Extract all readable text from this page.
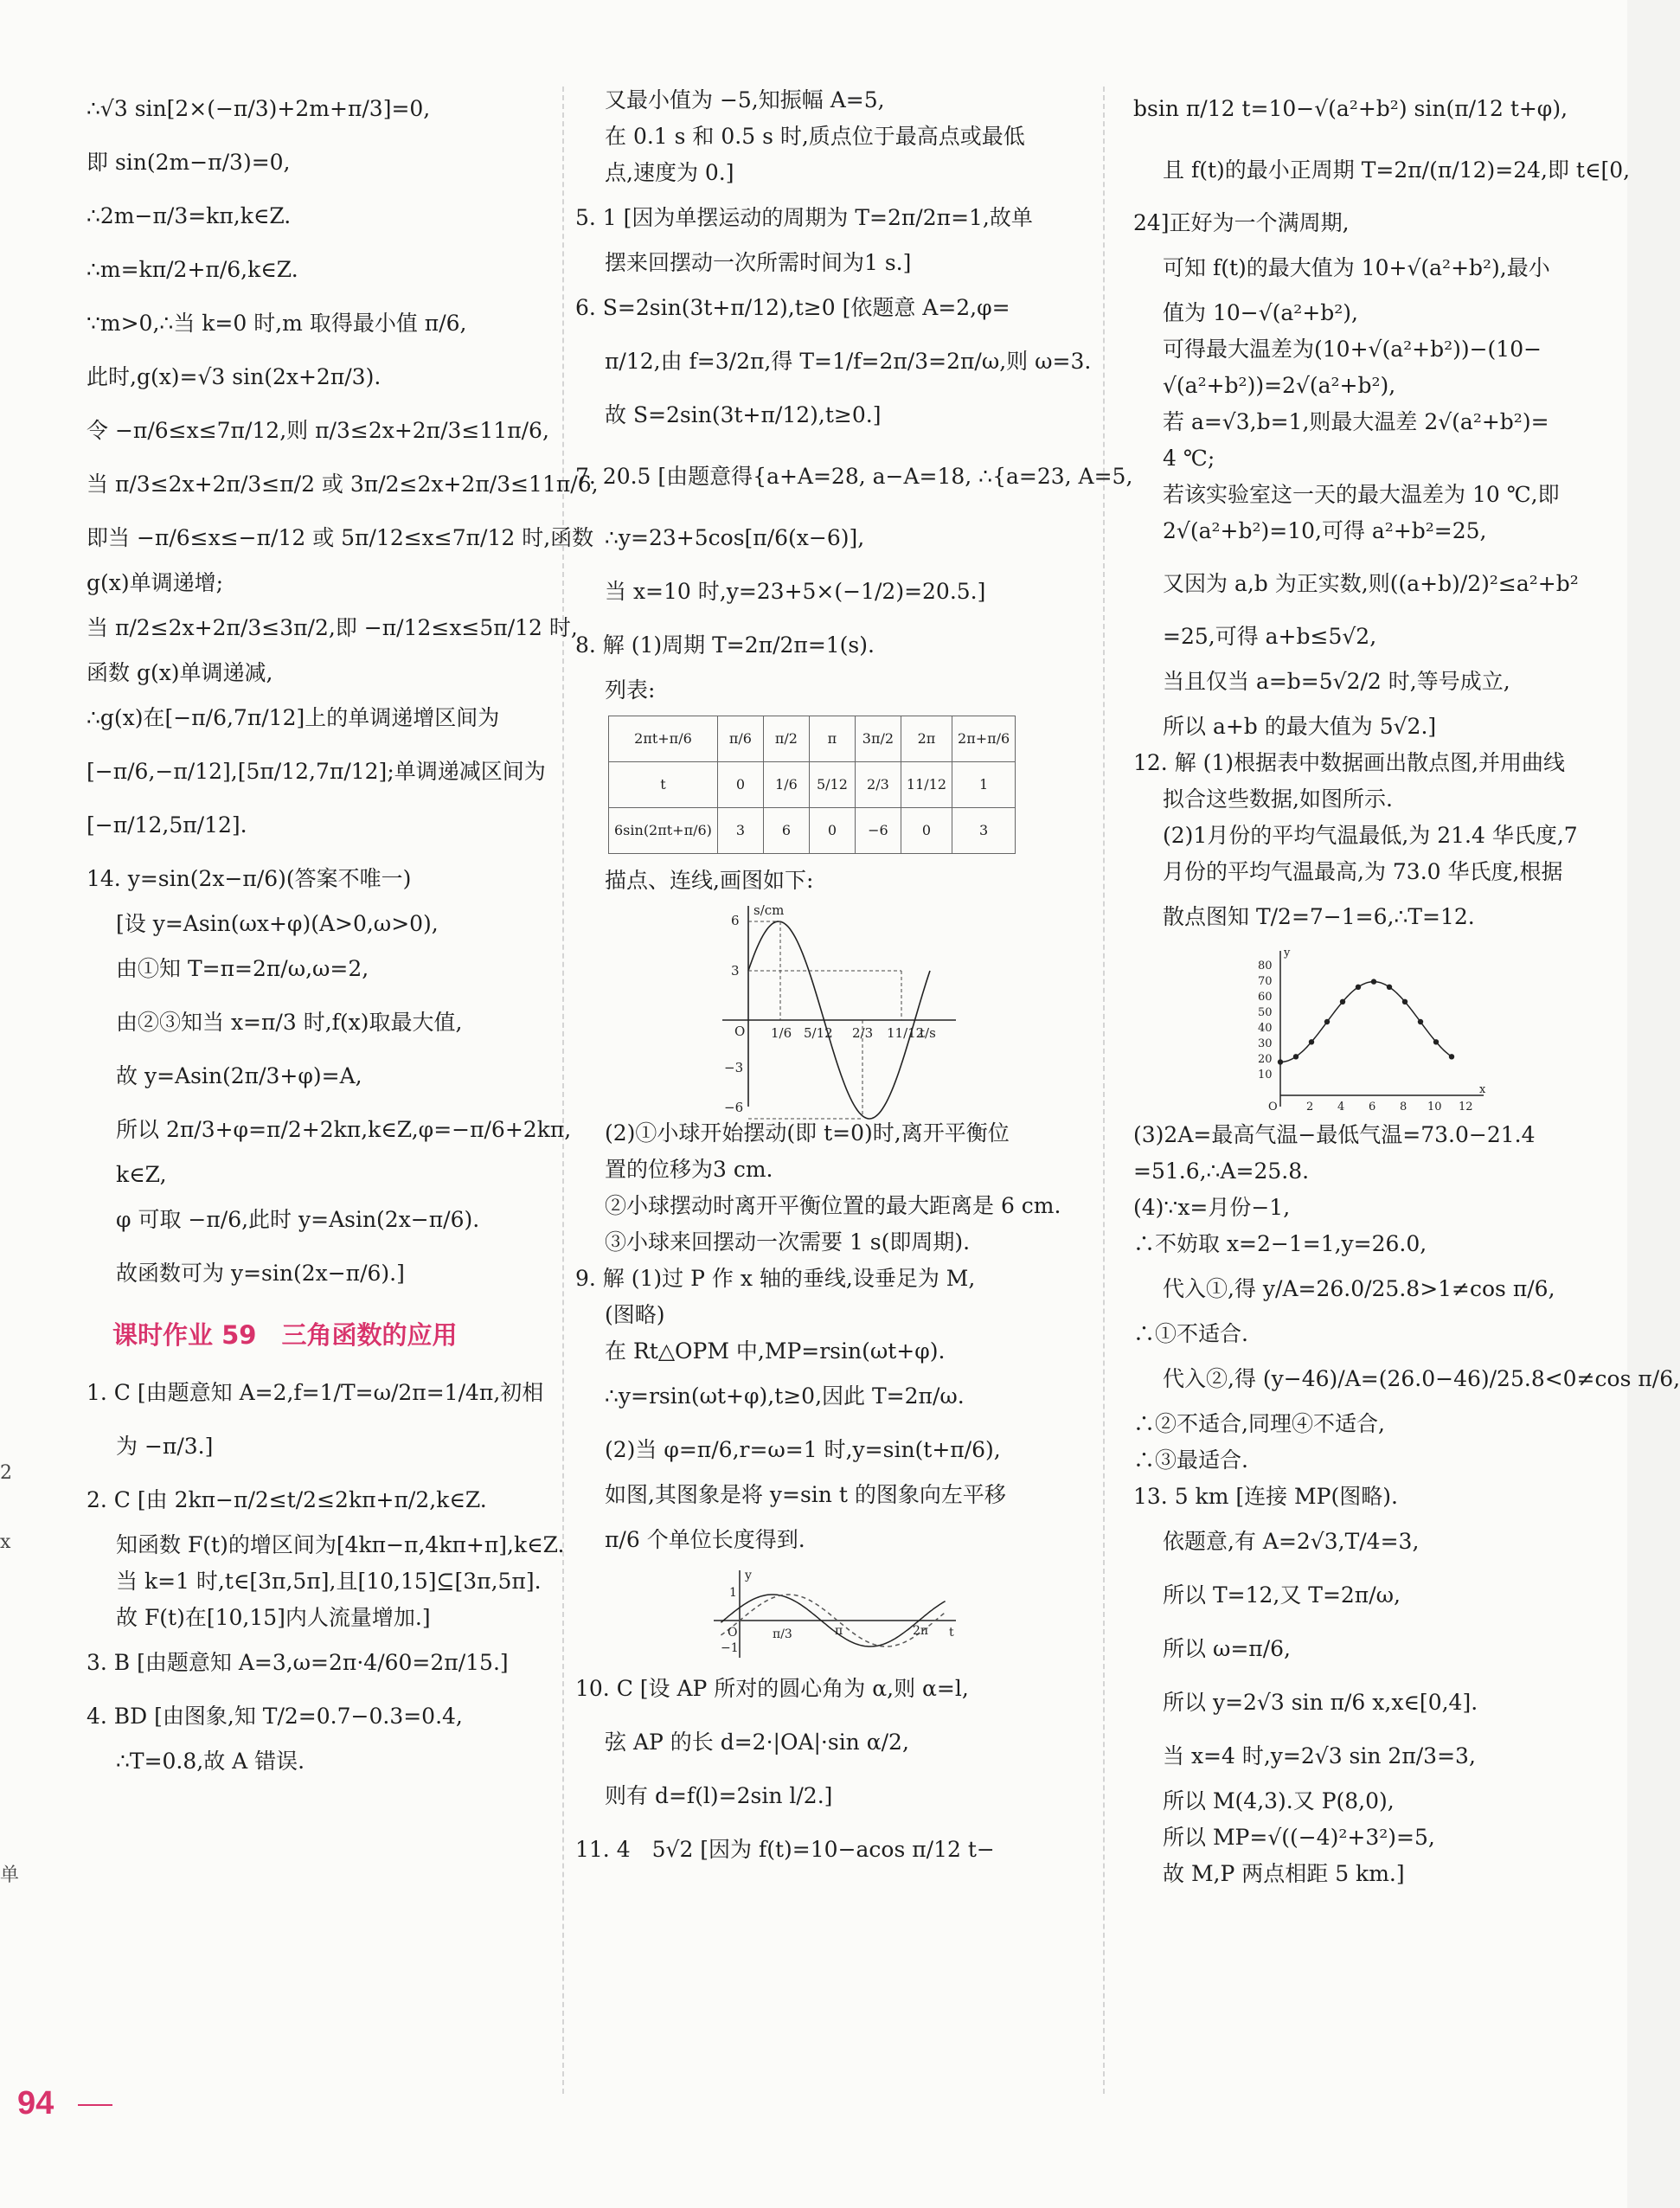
2
x
单
∴√3 sin[2×(−π/3)+2m+π/3]=0,
即 sin(2m−π/3)=0,
∴2m−π/3=kπ,k∈Z.
∴m=kπ/2+π/6,k∈Z.
∵m>0,∴当 k=0 时,m 取得最小值 π/6,
此时,g(x)=√3 sin(2x+2π/3).
令 −π/6≤x≤7π/12,则 π/3≤2x+2π/3≤11π/6,
当 π/3≤2x+2π/3≤π/2 或 3π/2≤2x+2π/3≤11π/6,
即当 −π/6≤x≤−π/12 或 5π/12≤x≤7π/12 时,函数
g(x)单调递增;
当 π/2≤2x+2π/3≤3π/2,即 −π/12≤x≤5π/12 时,
函数 g(x)单调递减,
∴g(x)在[−π/6,7π/12]上的单调递增区间为
[−π/6,−π/12],[5π/12,7π/12];单调递减区间为
[−π/12,5π/12].
14. y=sin(2x−π/6)(答案不唯一)
[设 y=Asin(ωx+φ)(A>0,ω>0),
由①知 T=π=2π/ω,ω=2,
由②③知当 x=π/3 时,f(x)取最大值,
故 y=Asin(2π/3+φ)=A,
所以 2π/3+φ=π/2+2kπ,k∈Z,φ=−π/6+2kπ,
k∈Z,
φ 可取 −π/6,此时 y=Asin(2x−π/6).
故函数可为 y=sin(2x−π/6).]
课时作业 59　三角函数的应用
1. C [由题意知 A=2,f=1/T=ω/2π=1/4π,初相
为 −π/3.]
2. C [由 2kπ−π/2≤t/2≤2kπ+π/2,k∈Z.
知函数 F(t)的增区间为[4kπ−π,4kπ+π],k∈Z.
当 k=1 时,t∈[3π,5π],且[10,15]⊆[3π,5π].
故 F(t)在[10,15]内人流量增加.]
3. B [由题意知 A=3,ω=2π·4/60=2π/15.]
4. BD [由图象,知 T/2=0.7−0.3=0.4,
∴T=0.8,故 A 错误.
又最小值为 −5,知振幅 A=5,
在 0.1 s 和 0.5 s 时,质点位于最高点或最低
点,速度为 0.]
5. 1 [因为单摆运动的周期为 T=2π/2π=1,故单
摆来回摆动一次所需时间为1 s.]
6. S=2sin(3t+π/12),t≥0 [依题意 A=2,φ=
π/12,由 f=3/2π,得 T=1/f=2π/3=2π/ω,则 ω=3.
故 S=2sin(3t+π/12),t≥0.]
7. 20.5 [由题意得{a+A=28, a−A=18, ∴{a=23, A=5,
∴y=23+5cos[π/6(x−6)],
当 x=10 时,y=23+5×(−1/2)=20.5.]
8. 解 (1)周期 T=2π/2π=1(s).
列表:
2πt+π/6	π/6	π/2	π	3π/2	2π	2π+π/6
t	0	1/6	5/12	2/3	11/12	1
6sin(2πt+π/6)	3	6	0	−6	0	3
描点、连线,画图如下:
s/cm
t/s
O
6
3
−3
−6
1/6 5/12 2/3 11/12
(2)①小球开始摆动(即 t=0)时,离开平衡位
置的位移为3 cm.
②小球摆动时离开平衡位置的最大距离是 6 cm.
③小球来回摆动一次需要 1 s(即周期).
9. 解 (1)过 P 作 x 轴的垂线,设垂足为 M,
(图略)
在 Rt△OPM 中,MP=rsin(ωt+φ).
∴y=rsin(ωt+φ),t≥0,因此 T=2π/ω.
(2)当 φ=π/6,r=ω=1 时,y=sin(t+π/6),
如图,其图象是将 y=sin t 的图象向左平移
π/6 个单位长度得到.
y
t
O
1
−1
π/3	π	2π
10. C [设 AP 所对的圆心角为 α,则 α=l,
弦 AP 的长 d=2·|OA|·sin α/2,
则有 d=f(l)=2sin l/2.]
11. 4　5√2 [因为 f(t)=10−acos π/12 t−
bsin π/12 t=10−√(a²+b²) sin(π/12 t+φ),
且 f(t)的最小正周期 T=2π/(π/12)=24,即 t∈[0,
24]正好为一个满周期,
可知 f(t)的最大值为 10+√(a²+b²),最小
值为 10−√(a²+b²),
可得最大温差为(10+√(a²+b²))−(10−
√(a²+b²))=2√(a²+b²),
若 a=√3,b=1,则最大温差 2√(a²+b²)=
4 ℃;
若该实验室这一天的最大温差为 10 ℃,即
2√(a²+b²)=10,可得 a²+b²=25,
又因为 a,b 为正实数,则((a+b)/2)²≤a²+b²
=25,可得 a+b≤5√2,
当且仅当 a=b=5√2/2 时,等号成立,
所以 a+b 的最大值为 5√2.]
12. 解 (1)根据表中数据画出散点图,并用曲线
拟合这些数据,如图所示.
(2)1月份的平均气温最低,为 21.4 华氏度,7
月份的平均气温最高,为 73.0 华氏度,根据
散点图知 T/2=7−1=6,∴T=12.
y
x
O
80
70
60
50
40
30
20
10
2 4 6 8 10 12
(3)2A=最高气温−最低气温=73.0−21.4
=51.6,∴A=25.8.
(4)∵x=月份−1,
∴不妨取 x=2−1=1,y=26.0,
代入①,得 y/A=26.0/25.8>1≠cos π/6,
∴①不适合.
代入②,得 (y−46)/A=(26.0−46)/25.8<0≠cos π/6,
∴②不适合,同理④不适合,
∴③最适合.
13. 5 km [连接 MP(图略).
依题意,有 A=2√3,T/4=3,
所以 T=12,又 T=2π/ω,
所以 ω=π/6,
所以 y=2√3 sin π/6 x,x∈[0,4].
当 x=4 时,y=2√3 sin 2π/3=3,
所以 M(4,3).又 P(8,0),
所以 MP=√((−4)²+3²)=5,
故 M,P 两点相距 5 km.]
94
